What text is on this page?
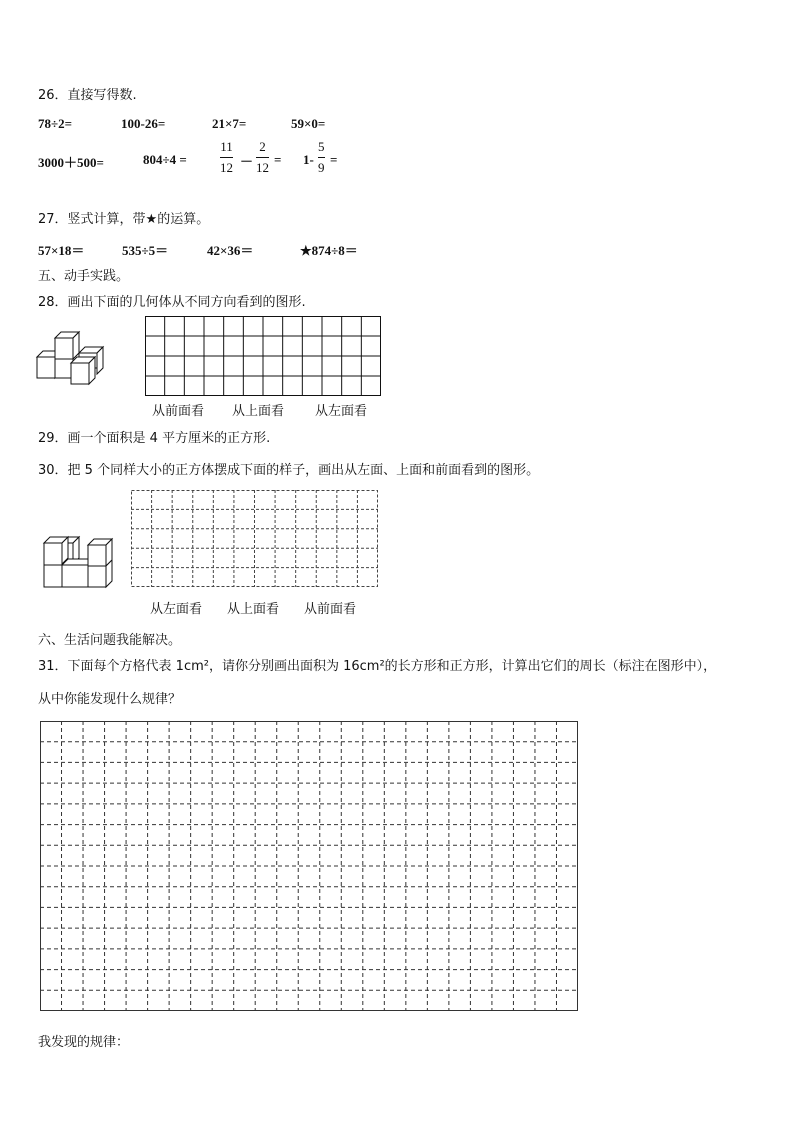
26．直接写得数.
78÷2=	100-26=	21×7=	59×0=
3000＋500=	804÷4 =
11
12 －
2
12
= 1-
5
9
=
27．竖式计算，带★的运算。
57×18＝	535÷5＝	42×36＝	★874÷8＝
五、动手实践。
28．画出下面的几何体从不同方向看到的图形.
从前面看 从上面看 从左面看
29．画一个面积是 4 平方厘米的正方形.
30．把 5 个同样大小的正方体摆成下面的样子，画出从左面、上面和前面看到的图形。
从左面看 从上面看 从前面看
六、生活问题我能解决。
31．下面每个方格代表 1cm²，请你分别画出面积为 16cm²的长方形和正方形，计算出它们的周长（标注在图形中），
从中你能发现什么规律？
我发现的规律：
